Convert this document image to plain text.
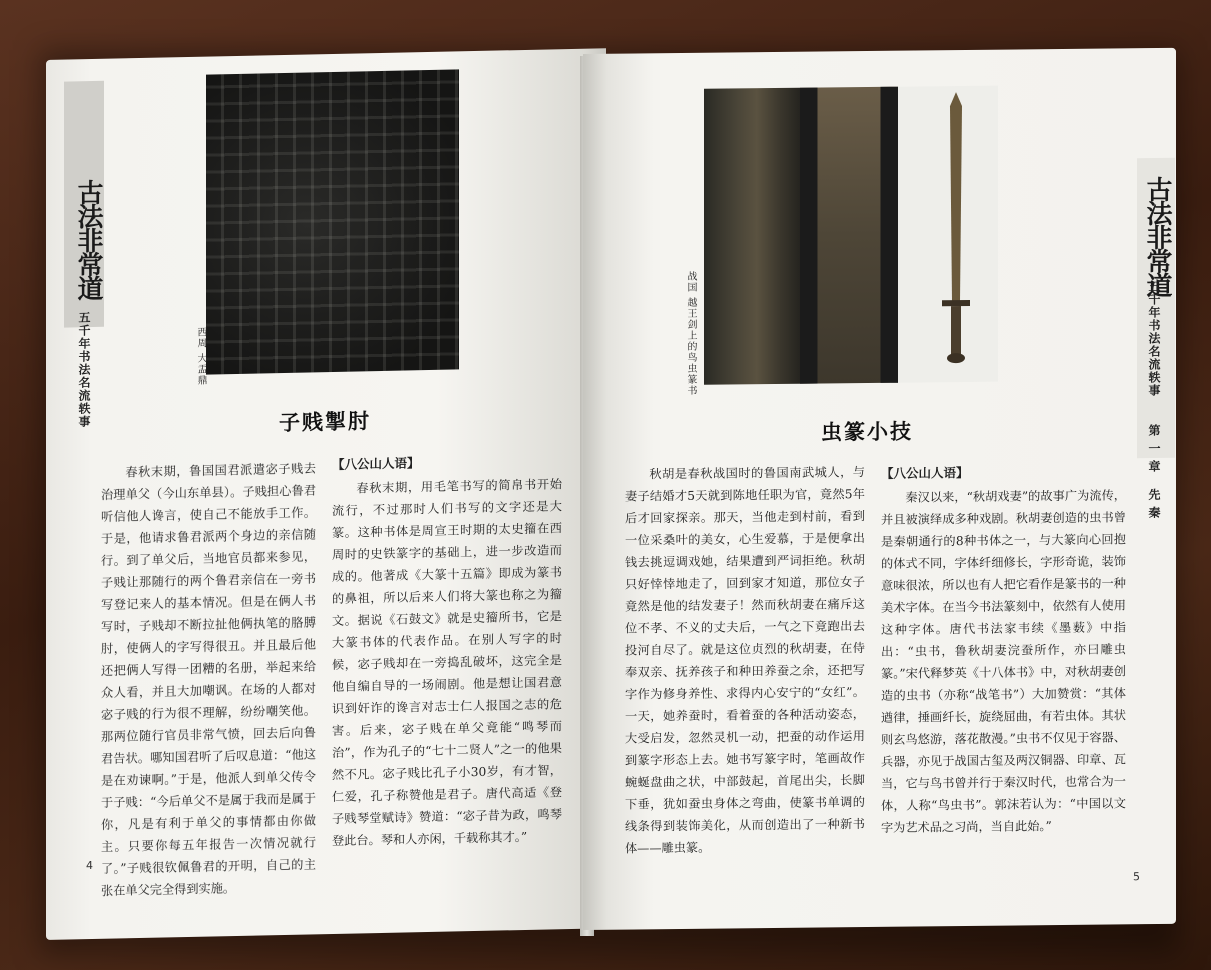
古法非常道
五千年书法名流轶事	西周 大盂鼎
子贱掣肘

春秋末期，鲁国国君派遣宓子贱去治理单父（今山东单县）。子贱担心鲁君听信他人谗言，使自己不能放手工作。于是，他请求鲁君派两个身边的亲信随行。到了单父后，当地官员都来参见，子贱让那随行的两个鲁君亲信在一旁书写登记来人的基本情况。但是在俩人书写时，子贱却不断拉扯他俩执笔的胳膊肘，使俩人的字写得很丑。并且最后他还把俩人写得一团糟的名册，举起来给众人看，并且大加嘲讽。在场的人都对宓子贱的行为很不理解，纷纷嘲笑他。那两位随行官员非常气愤，回去后向鲁君告状。哪知国君听了后叹息道：“他这是在劝谏啊。”于是，他派人到单父传令于子贱：“今后单父不是属于我而是属于你，凡是有利于单父的事情都由你做主。只要你每五年报告一次情况就行了。”子贱很钦佩鲁君的开明，自己的主张在单父完全得到实施。

【八公山人语】

春秋末期，用毛笔书写的简帛书开始流行，不过那时人们书写的文字还是大篆。这种书体是周宣王时期的太史籀在西周时的史铁篆字的基础上，进一步改造而成的。他著成《大篆十五篇》即成为篆书的鼻祖，所以后来人们将大篆也称之为籀文。据说《石鼓文》就是史籀所书，它是大篆书体的代表作品。在别人写字的时候，宓子贱却在一旁捣乱破坏，这完全是他自编自导的一场闹剧。他是想让国君意识到奸诈的谗言对志士仁人报国之志的危害。后来，宓子贱在单父竟能“鸣琴而治”，作为孔子的“七十二贤人”之一的他果然不凡。宓子贱比孔子小30岁，有才智，仁爱，孔子称赞他是君子。唐代高适《登子贱琴堂赋诗》赞道：“宓子昔为政，鸣琴登此台。琴和人亦闲，千载称其才。”

4
战国 越王剑上的鸟虫篆书
虫篆小技

秋胡是春秋战国时的鲁国南武城人，与妻子结婚才5天就到陈地任职为官，竟然5年后才回家探亲。那天，当他走到村前，看到一位采桑叶的美女，心生爱慕，于是便拿出钱去挑逗调戏她，结果遭到严词拒绝。秋胡只好悻悻地走了，回到家才知道，那位女子竟然是他的结发妻子！然而秋胡妻在痛斥这位不孝、不义的丈夫后，一气之下竟跑出去投河自尽了。就是这位贞烈的秋胡妻，在侍奉双亲、抚养孩子和种田养蚕之余，还把写字作为修身养性、求得内心安宁的“女红”。一天，她养蚕时，看着蚕的各种活动姿态，大受启发，忽然灵机一动，把蚕的动作运用到篆字形态上去。她书写篆字时，笔画故作蜿蜒盘曲之状，中部鼓起，首尾出尖，长脚下垂，犹如蚕虫身体之弯曲，使篆书单调的线条得到装饰美化，从而创造出了一种新书体——雕虫篆。

【八公山人语】

秦汉以来，“秋胡戏妻”的故事广为流传，并且被演绎成多种戏剧。秋胡妻创造的虫书曾是秦朝通行的8种书体之一，与大篆向心回抱的体式不同，字体纤细修长，字形奇诡，装饰意味很浓，所以也有人把它看作是篆书的一种美术字体。在当今书法篆刻中，依然有人使用这种字体。唐代书法家韦续《墨薮》中指出：“虫书，鲁秋胡妻浣蚕所作，亦曰雕虫篆。”宋代释梦英《十八体书》中，对秋胡妻创造的虫书（亦称“战笔书”）大加赞赏：“其体遒律，捶画纤长，旋绕屈曲，有若虫体。其状则玄鸟悠游，落花散漫。”虫书不仅见于容器、兵器，亦见于战国古玺及两汉铜器、印章、瓦当，它与鸟书曾并行于秦汉时代，也常合为一体，人称“鸟虫书”。郭沫若认为：“中国以文字为艺术品之习尚，当自此始。”

古法非常道
五千年书法名流轶事
第一章 先秦
5
